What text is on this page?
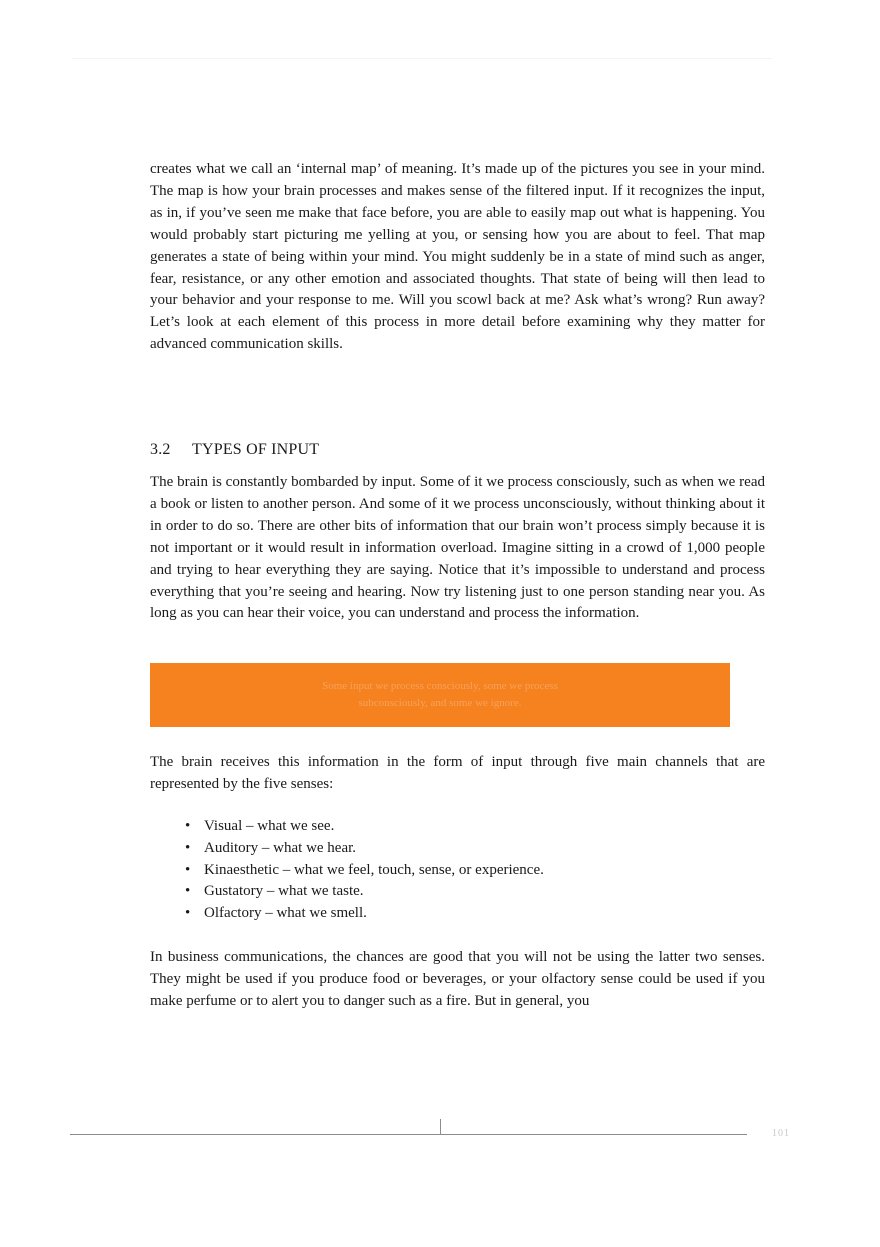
creates what we call an ‘internal map’ of meaning. It’s made up of the pictures you see in your mind. The map is how your brain processes and makes sense of the filtered input. If it recognizes the input, as in, if you’ve seen me make that face before, you are able to easily map out what is happening. You would probably start picturing me yelling at you, or sensing how you are about to feel. That map generates a state of being within your mind. You might suddenly be in a state of mind such as anger, fear, resistance, or any other emotion and associated thoughts. That state of being will then lead to your behavior and your response to me. Will you scowl back at me? Ask what’s wrong? Run away? Let’s look at each element of this process in more detail before examining why they matter for advanced communication skills.

3.2 TYPES OF INPUT

The brain is constantly bombarded by input. Some of it we process consciously, such as when we read a book or listen to another person. And some of it we process unconsciously, without thinking about it in order to do so. There are other bits of information that our brain won’t process simply because it is not important or it would result in information overload. Imagine sitting in a crowd of 1,000 people and trying to hear everything they are saying. Notice that it’s impossible to understand and process everything that you’re seeing and hearing. Now try listening just to one person standing near you. As long as you can hear their voice, you can understand and process the information.

Some input we process consciously, some we process subconsciously, and some we ignore.

The brain receives this information in the form of input through five main channels that are represented by the five senses:

• Visual – what we see.
• Auditory – what we hear.
• Kinaesthetic – what we feel, touch, sense, or experience.
• Gustatory – what we taste.
• Olfactory – what we smell.

In business communications, the chances are good that you will not be using the latter two senses. They might be used if you produce food or beverages, or your olfactory sense could be used if you make perfume or to alert you to danger such as a fire. But in general, you

101
